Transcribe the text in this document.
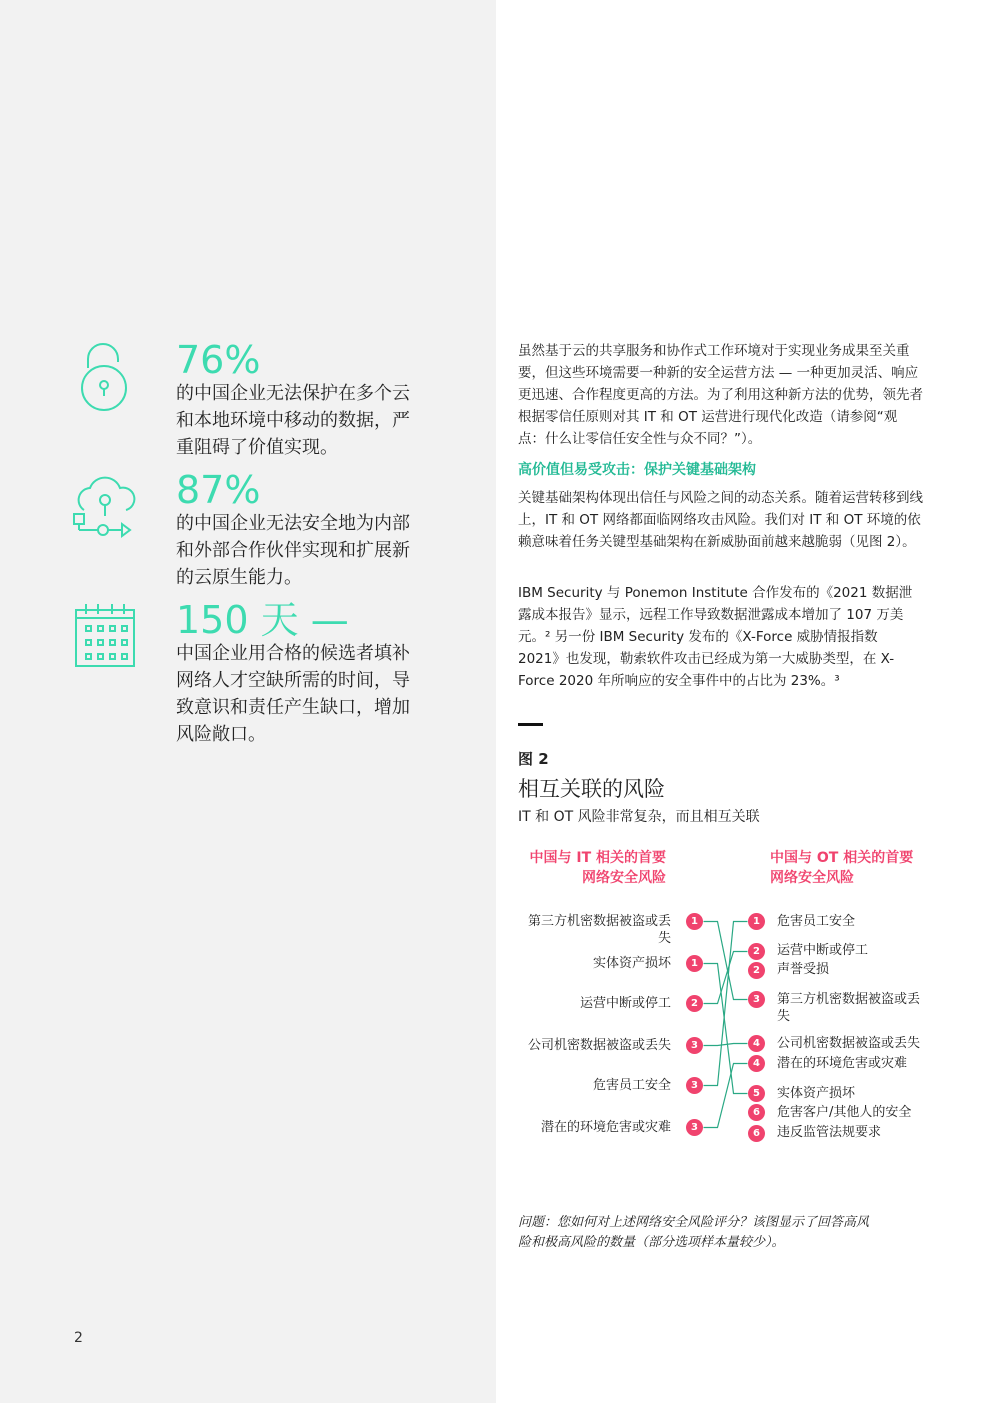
76%
的中国企业无法保护在多个云和本地环境中移动的数据，严重阻碍了价值实现。
87%
的中国企业无法安全地为内部和外部合作伙伴实现和扩展新的云原生能力。
150 天 —
中国企业用合格的候选者填补网络人才空缺所需的时间，导致意识和责任产生缺口，增加风险敞口。
2
虽然基于云的共享服务和协作式工作环境对于实现业务成果至关重要，但这些环境需要一种新的安全运营方法 — 一种更加灵活、响应更迅速、合作程度更高的方法。为了利用这种新方法的优势，领先者根据零信任原则对其 IT 和 OT 运营进行现代化改造（请参阅“观点：什么让零信任安全性与众不同？”）。
高价值但易受攻击：保护关键基础架构
关键基础架构体现出信任与风险之间的动态关系。随着运营转移到线上，IT 和 OT 网络都面临网络攻击风险。我们对 IT 和 OT 环境的依赖意味着任务关键型基础架构在新威胁面前越来越脆弱（见图 2）。
IBM Security 与 Ponemon Institute 合作发布的《2021 数据泄露成本报告》显示，远程工作导致数据泄露成本增加了 107 万美元。² 另一份 IBM Security 发布的《X-Force 威胁情报指数 2021》也发现，勒索软件攻击已经成为第一大威胁类型，在 X-Force 2020 年所响应的安全事件中的占比为 23%。³
图 2
相互关联的风险
IT 和 OT 风险非常复杂，而且相互关联
中国与 IT 相关的首要网络安全风险
中国与 OT 相关的首要网络安全风险
第三方机密数据被盗或丢失
实体资产损坏
运营中断或停工
公司机密数据被盗或丢失
危害员工安全
潜在的环境危害或灾难
1
1
2
3
3
3
1
2
2
3
4
4
5
6
6
危害员工安全
运营中断或停工
声誉受损
第三方机密数据被盗或丢失
公司机密数据被盗或丢失
潜在的环境危害或灾难
实体资产损坏
危害客户/其他人的安全
违反监管法规要求
问题：您如何对上述网络安全风险评分？该图显示了回答高风险和极高风险的数量（部分选项样本量较少）。
